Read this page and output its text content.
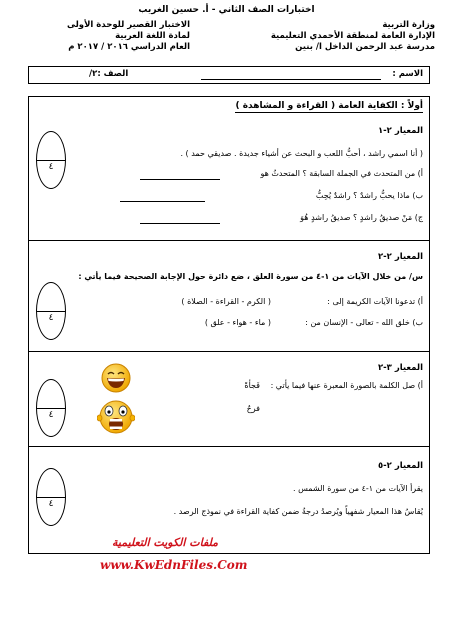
اختبارات الصف الثاني - أ. حسين الغريب
وزارة التربية
الإدارة العامة لمنطقة الأحمدي التعليمية
مدرسة عبد الرحمن الداخل ا/ بنين
الاختبار القصير للوحدة الأولى
لمادة اللغة العربية
العام الدراسي ٢٠١٦ / ٢٠١٧ م
الاسم :
الصف :٢/
أولاً : الكفاية العامة ( القراءة و المشاهدة )
المعيار ٢-١
( أنا اسمي راشد ، أحبُّ اللعب و البحث عن أشياء جديدة . صديقي حمد ) .
أ) من المتحدث في الجملة السابقة ؟ المتحدثُ هو
ب) ماذا يحبُّ راشدٌ ؟ راشدٌ يُحِبُّ
ج) مَنْ صديقُ راشدٍ ؟ صديقُ راشدٍ هُوَ
٤
المعيار ٢-٢
س/ من خلال الآيات من ١-٤ من سورة العلق ، ضع دائرة حول الإجابة الصحيحة فيما يأتي :
أ) تدعونا الآيات الكريمة إلى :
( الكرم - القراءة - الصلاة )
ب) خلق الله - تعالى - الإنسان من :
( ماء - هواء - علق )
٤
المعيار ٣-٢
أ) صل الكلمة بالصورة المعبرة عنها فيما يأتي :
فَجأةً
فرحٌ
٤
المعيار ٢-٥
يقرأ الآيات من ١-٤ من سورة الشمس .
يُقاسُ هذا المعيار شفهياً ويُرصدُ درجةُ ضمن كفاية القراءة في نموذج الرصد .
٤
ملفات الكويت التعليمية
www.KwEdnFiles.Com
